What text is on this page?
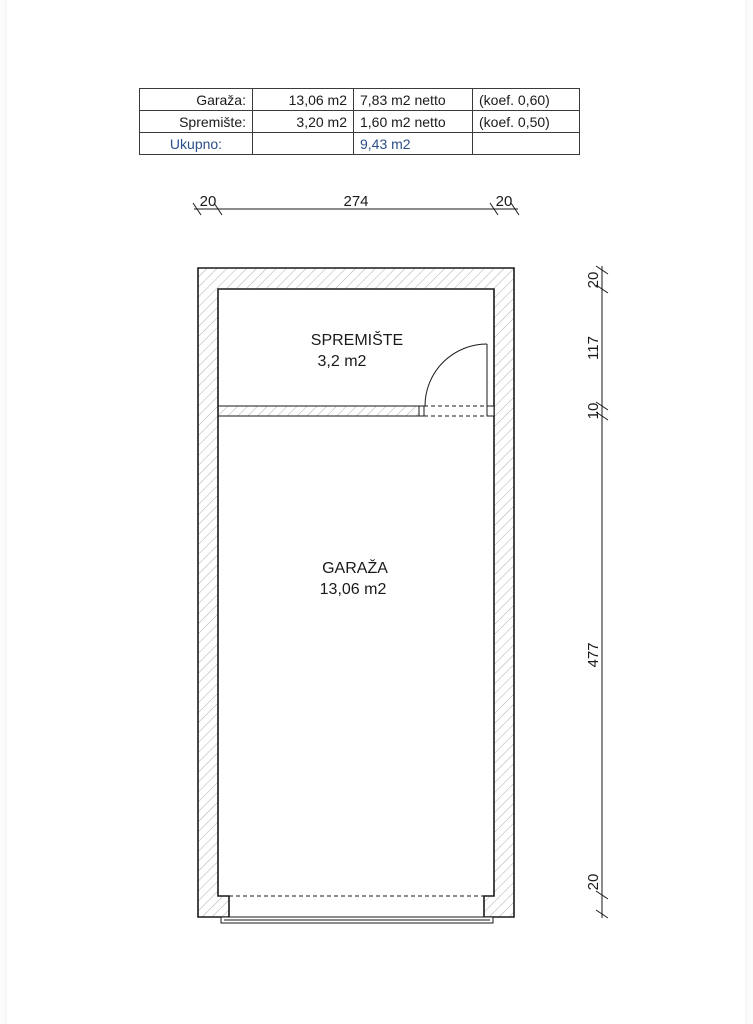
Garaža:	13,06 m2	7,83 m2 netto	(koef. 0,60)
Spremište:	3,20 m2	1,60 m2 netto	(koef. 0,50)
Ukupno:		9,43 m2	
20	274	20
20
117
10
477
20
SPREMIŠTE
3,2 m2
GARAŽA
13,06 m2
